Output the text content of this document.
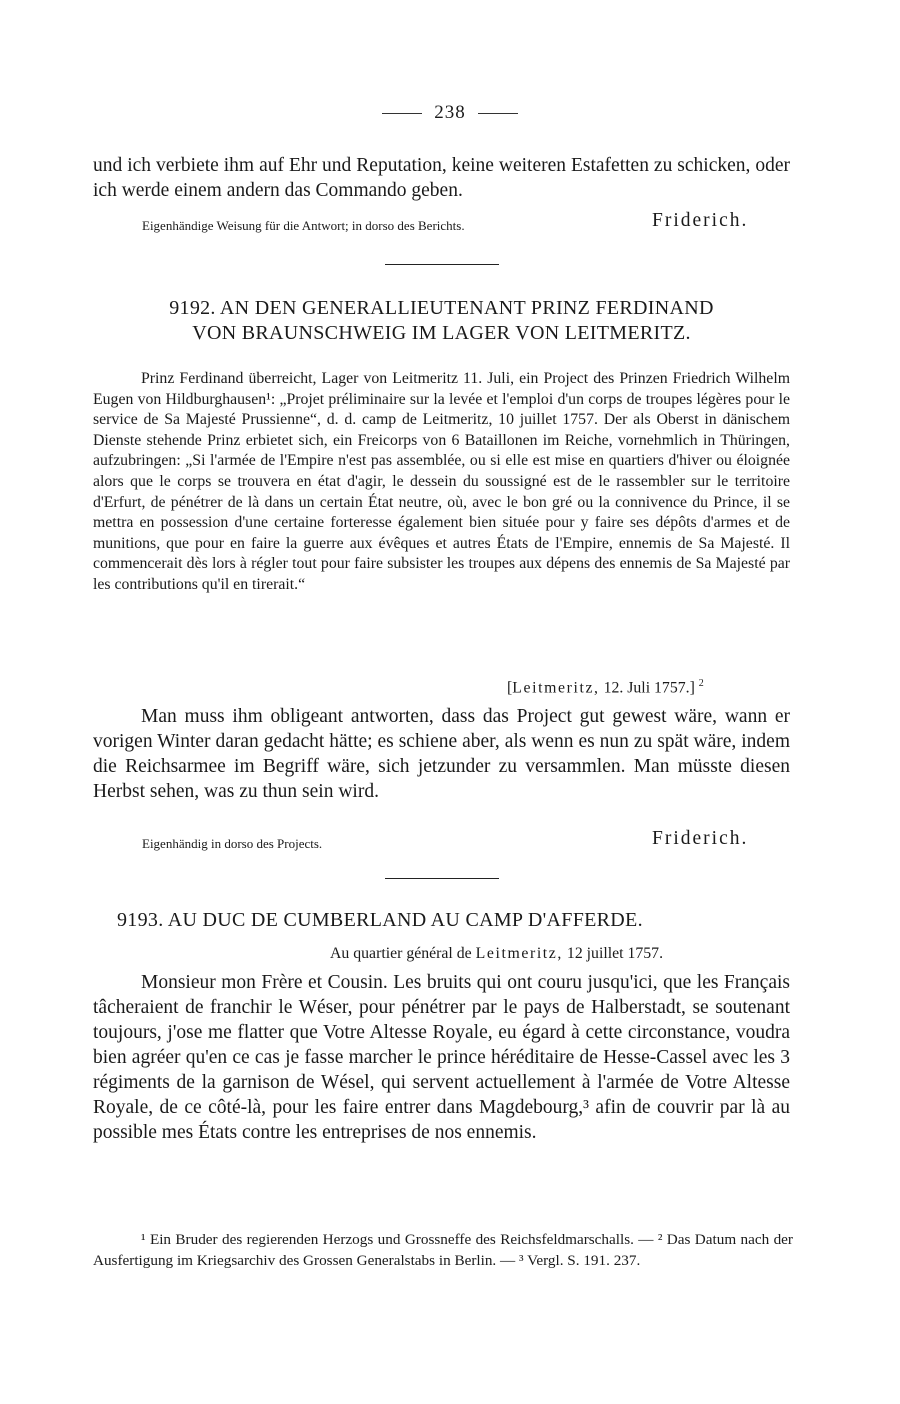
238
und ich verbiete ihm auf Ehr und Reputation, keine weiteren Estafetten zu schicken, oder ich werde einem andern das Commando geben.
Eigenhändige Weisung für die Antwort; in dorso des Berichts.	Friderich.
9192. AN DEN GENERALLIEUTENANT PRINZ FERDINAND
VON BRAUNSCHWEIG IM LAGER VON LEITMERITZ.
Prinz Ferdinand überreicht, Lager von Leitmeritz 11. Juli, ein Project des Prinzen Friedrich Wilhelm Eugen von Hildburghausen¹: „Projet préliminaire sur la levée et l'emploi d'un corps de troupes légères pour le service de Sa Majesté Prussienne“, d. d. camp de Leitmeritz, 10 juillet 1757. Der als Oberst in dänischem Dienste stehende Prinz erbietet sich, ein Freicorps von 6 Bataillonen im Reiche, vornehmlich in Thüringen, aufzubringen: „Si l'armée de l'Empire n'est pas assemblée, ou si elle est mise en quartiers d'hiver ou éloignée alors que le corps se trouvera en état d'agir, le dessein du soussigné est de le rassembler sur le territoire d'Erfurt, de pénétrer de là dans un certain État neutre, où, avec le bon gré ou la connivence du Prince, il se mettra en possession d'une certaine forteresse également bien située pour y faire ses dépôts d'armes et de munitions, que pour en faire la guerre aux évêques et autres États de l'Empire, ennemis de Sa Majesté. Il commencerait dès lors à régler tout pour faire subsister les troupes aux dépens des ennemis de Sa Majesté par les contributions qu'il en tirerait.“
[Leitmeritz, 12. Juli 1757.] $^2$
Man muss ihm obligeant antworten, dass das Project gut gewest wäre, wann er vorigen Winter daran gedacht hätte; es schiene aber, als wenn es nun zu spät wäre, indem die Reichsarmee im Begriff wäre, sich jetzunder zu versammlen. Man müsste diesen Herbst sehen, was zu thun sein wird.
Eigenhändig in dorso des Projects.	Friderich.
9193. AU DUC DE CUMBERLAND AU CAMP D'AFFERDE.
Au quartier général de Leitmeritz, 12 juillet 1757.
Monsieur mon Frère et Cousin. Les bruits qui ont couru jusqu'ici, que les Français tâcheraient de franchir le Wéser, pour pénétrer par le pays de Halberstadt, se soutenant toujours, j'ose me flatter que Votre Altesse Royale, eu égard à cette circonstance, voudra bien agréer qu'en ce cas je fasse marcher le prince héréditaire de Hesse-Cassel avec les 3 régiments de la garnison de Wésel, qui servent actuellement à l'armée de Votre Altesse Royale, de ce côté-là, pour les faire entrer dans Magdebourg,³ afin de couvrir par là au possible mes États contre les entreprises de nos ennemis.
¹ Ein Bruder des regierenden Herzogs und Grossneffe des Reichsfeldmarschalls. — ² Das Datum nach der Ausfertigung im Kriegsarchiv des Grossen Generalstabs in Berlin. — ³ Vergl. S. 191. 237.
